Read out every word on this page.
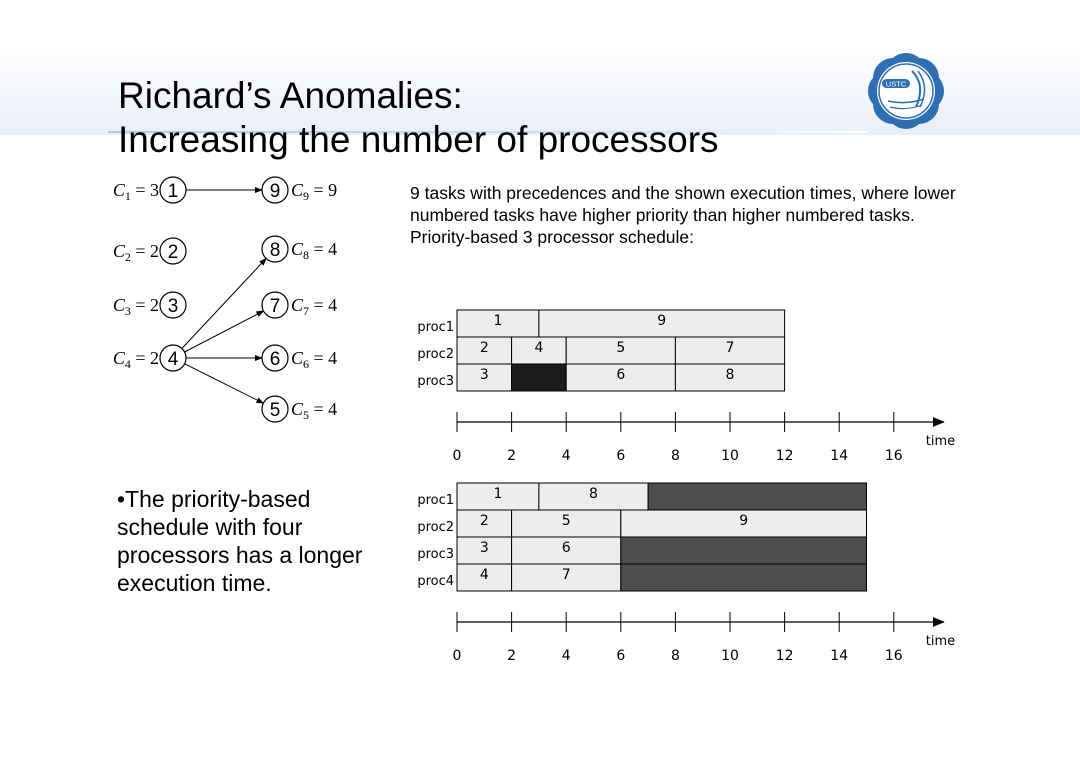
Richard’s Anomalies:
Increasing the number of processors
USTC
9 tasks with precedences and the shown execution times, where lower numbered tasks have higher priority than higher numbered tasks. Priority-based 3 processor schedule:
•The priority-based schedule with four processors has a longer execution time.
1
$C_1 = 3$
2
$C_2 = 2$
3
$C_3 = 2$
4
$C_4 = 2$
9 $C_9 = 9$
8 $C_8 = 4$
7 $C_7 = 4$
6 $C_6 = 4$
5 $C_5 = 4$
proc1	1	9
proc2 2	4	5	7
proc3 3	6	8
0	2	4	6	8	10	12	14	16
time
proc1	1	8
proc2 2	5	9
proc3 3	6
proc4 4	7
0	2	4	6	8	10	12	14	16
time
